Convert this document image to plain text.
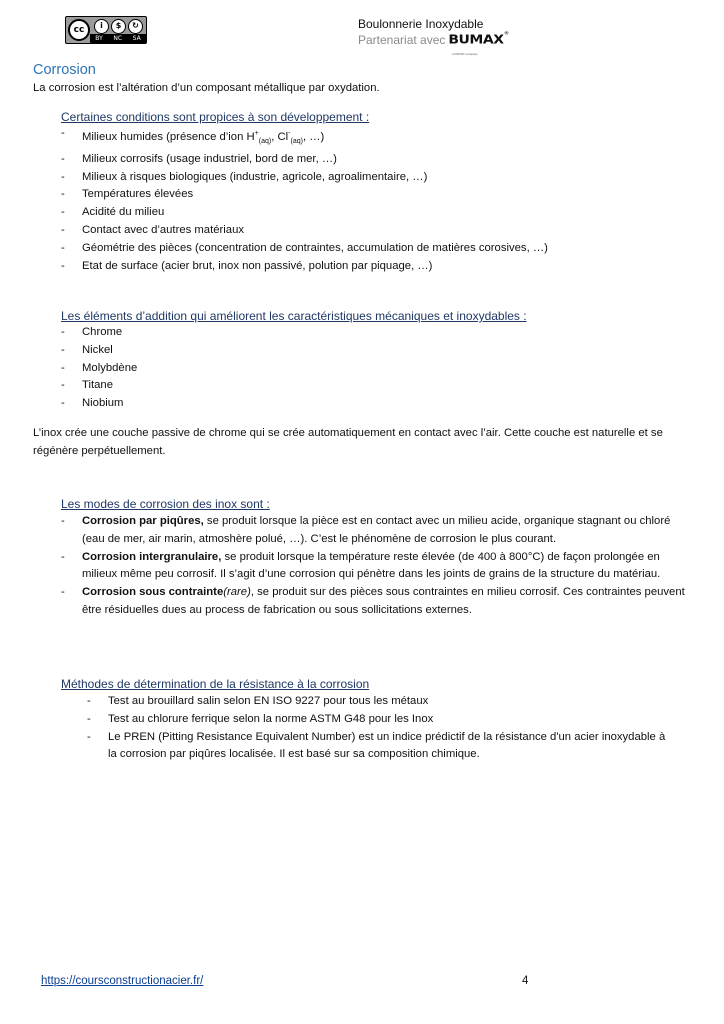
cc	i	$	↻
BY NC SA
Boulonnerie Inoxydable
Partenariat avec BUMAX ®
a FRONT company
Corrosion
La corrosion est l’altération d’un composant métallique par oxydation.
Certaines conditions sont propices à son développement :
- Milieux humides (présence d’ion $H^+_{(aq)}$, $Cl^-_{(aq)}$, …)
- Milieux corrosifs (usage industriel, bord de mer, …)
- Milieux à risques biologiques (industrie, agricole, agroalimentaire, …)
- Températures élevées
- Acidité du milieu
- Contact avec d’autres matériaux
- Géométrie des pièces (concentration de contraintes, accumulation de matières corosives, …)
- Etat de surface (acier brut, inox non passivé, polution par piquage, …)
Les éléments d’addition qui améliorent les caractéristiques mécaniques et inoxydables :
- Chrome
- Nickel
- Molybdène
- Titane
- Niobium
L’inox crée une couche passive de chrome qui se crée automatiquement en contact avec l’air. Cette couche est naturelle et se régénère perpétuellement.
Les modes de corrosion des inox sont :
- Corrosion par piqûres, se produit lorsque la pièce est en contact avec un milieu acide, organique stagnant ou chloré (eau de mer, air marin, atmoshère polué, …). C’est le phénomène de corrosion le plus courant.
- Corrosion intergranulaire, se produit lorsque la température reste élevée (de 400 à 800°C) de façon prolongée en milieux même peu corrosif. Il s’agit d’une corrosion qui pénètre dans les joints de grains de la structure du matériau.
- Corrosion sous contrainte(rare), se produit sur des pièces sous contraintes en milieu corrosif. Ces contraintes peuvent être résiduelles dues au process de fabrication ou sous sollicitations externes.
Méthodes de détermination de la résistance à la corrosion
- Test au brouillard salin selon EN ISO 9227 pour tous les métaux
- Test au chlorure ferrique selon la norme ASTM G48 pour les Inox
- Le PREN (Pitting Resistance Equivalent Number) est un indice prédictif de la résistance d'un acier inoxydable à la corrosion par piqûres localisée. Il est basé sur sa composition chimique.
https://coursconstructionacier.fr/	4
